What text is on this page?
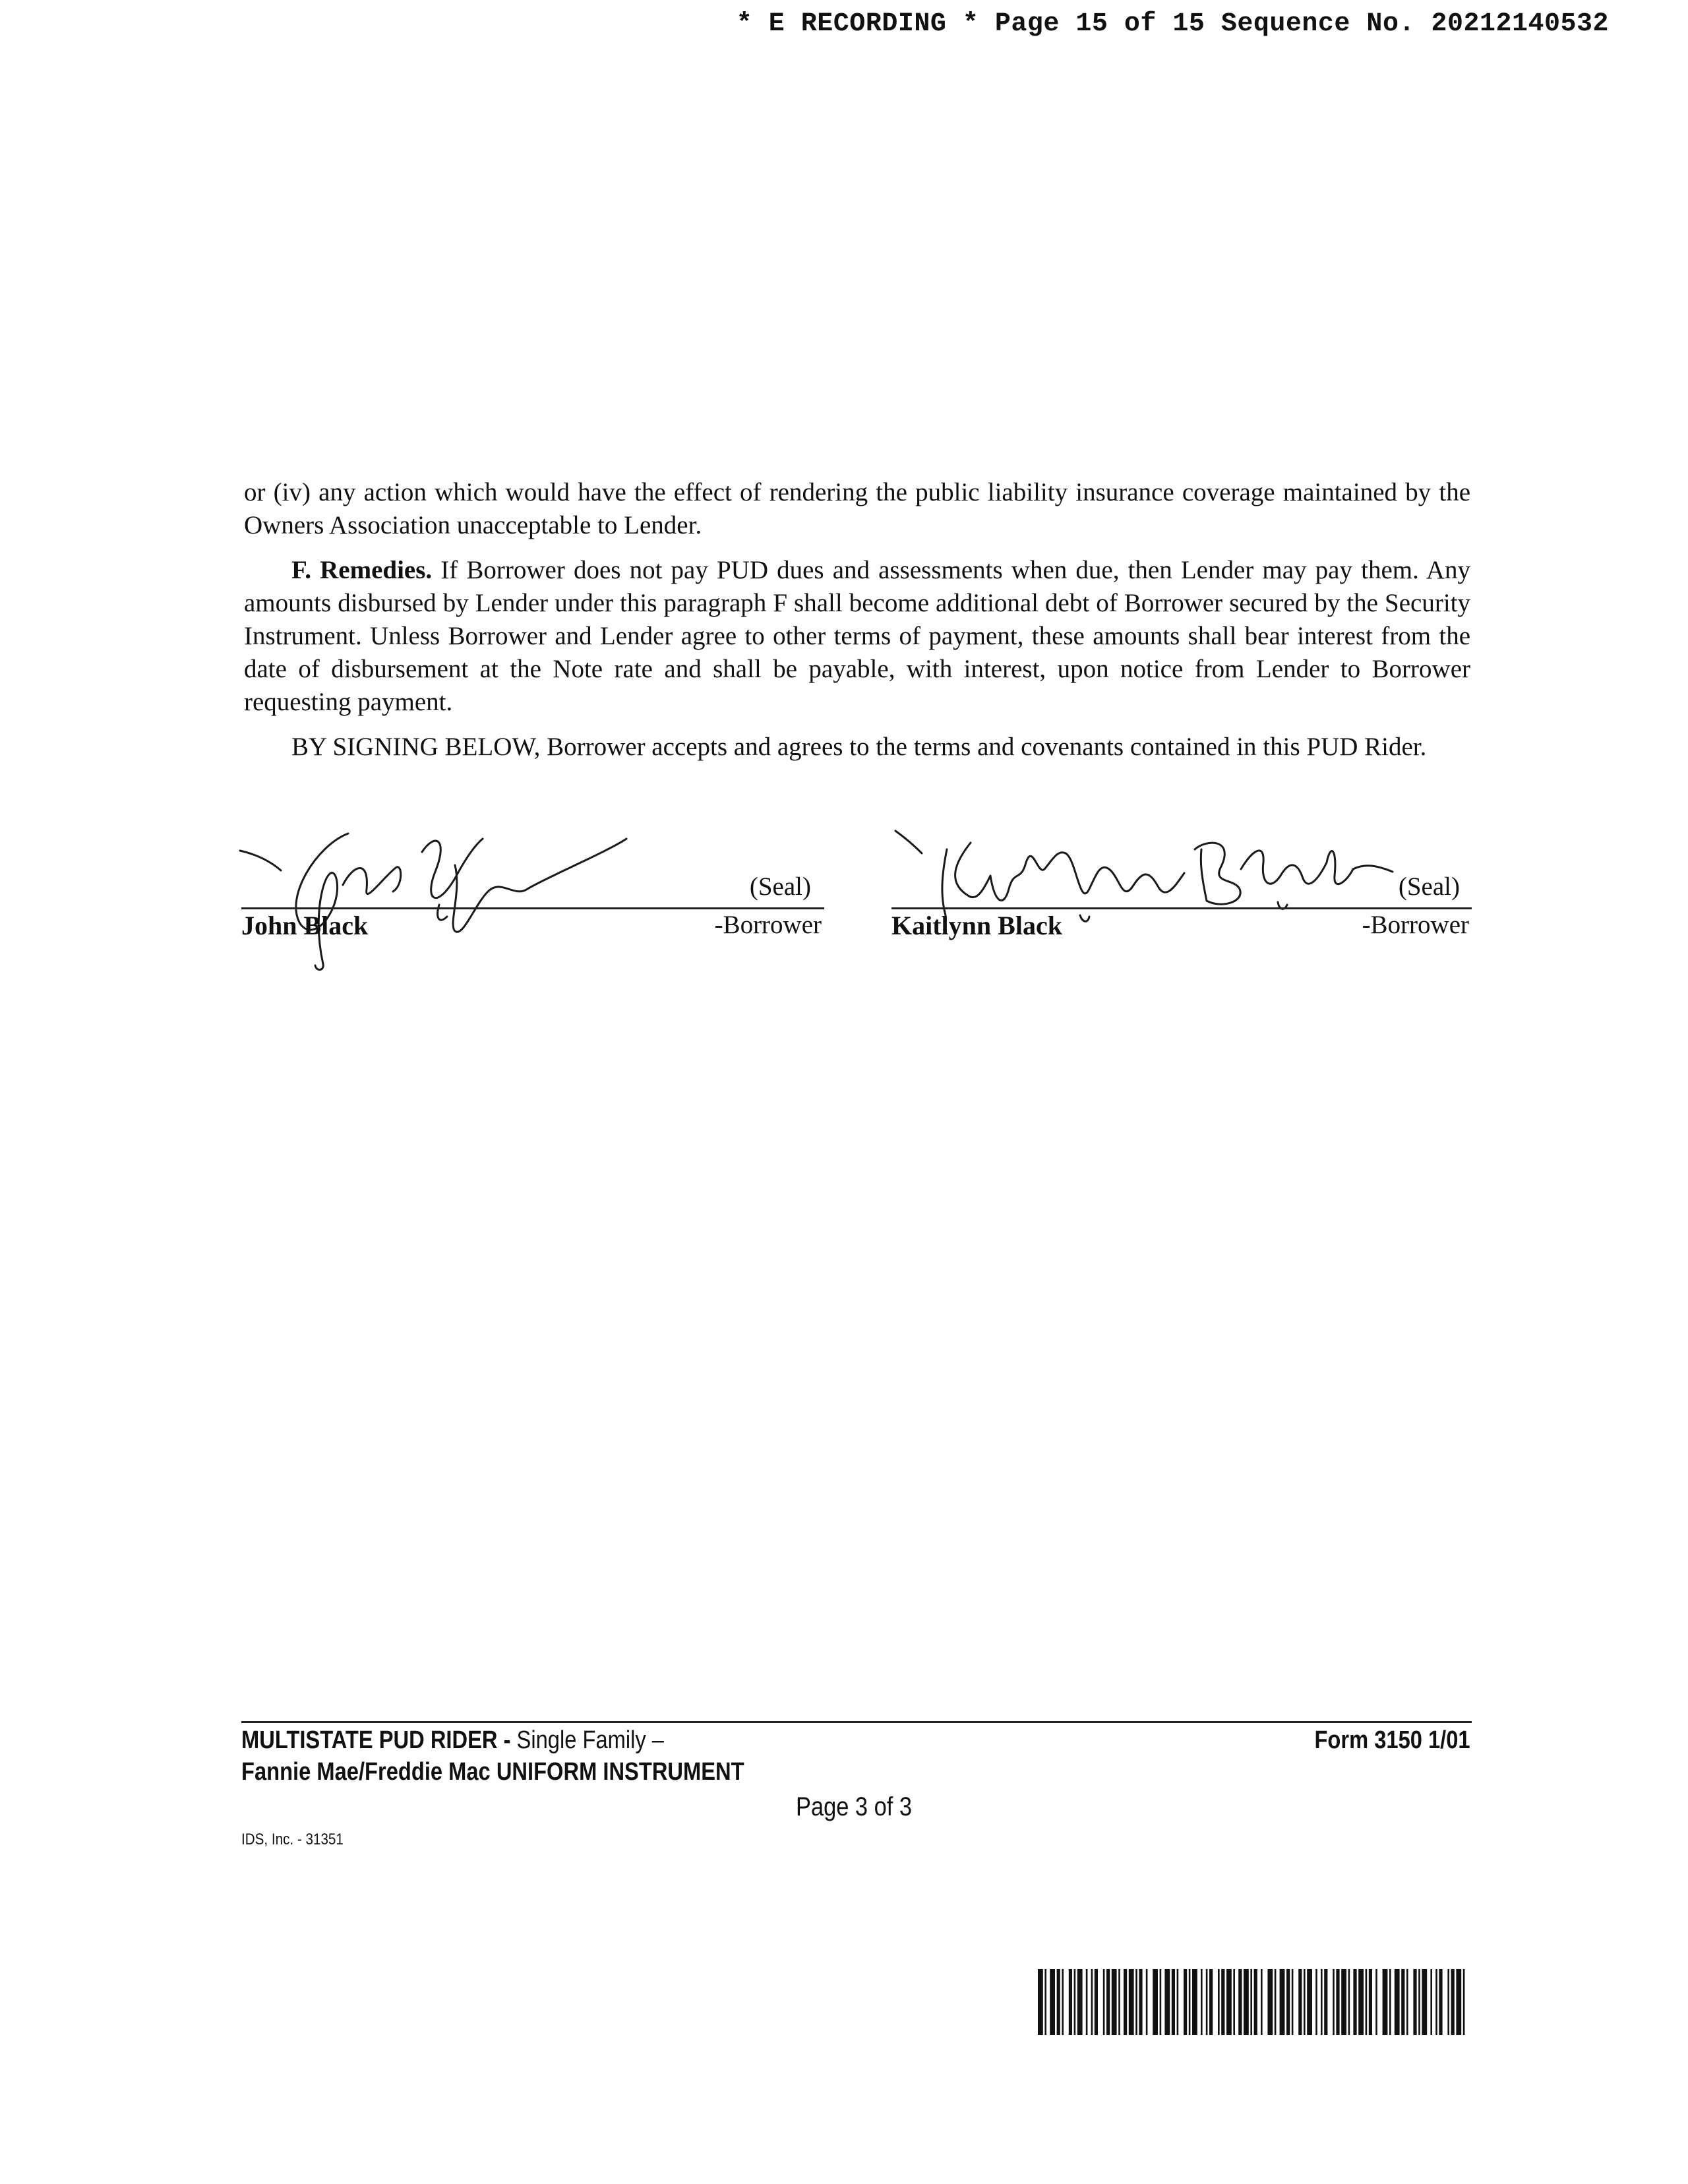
* E RECORDING * Page 15 of 15 Sequence No. 20212140532

or (iv) any action which would have the effect of rendering the public liability insurance coverage maintained by the Owners Association unacceptable to Lender.

F. Remedies. If Borrower does not pay PUD dues and assessments when due, then Lender may pay them. Any amounts disbursed by Lender under this paragraph F shall become additional debt of Borrower secured by the Security Instrument. Unless Borrower and Lender agree to other terms of payment, these amounts shall bear interest from the date of disbursement at the Note rate and shall be payable, with interest, upon notice from Lender to Borrower requesting payment.

BY SIGNING BELOW, Borrower accepts and agrees to the terms and covenants contained in this PUD Rider.

(Seal)
John Black	-Borrower
(Seal)
Kaitlynn Black	-Borrower
MULTISTATE PUD RIDER - Single Family –
Fannie Mae/Freddie Mac UNIFORM INSTRUMENT
Form 3150 1/01
Page 3 of 3
IDS, Inc. - 31351
